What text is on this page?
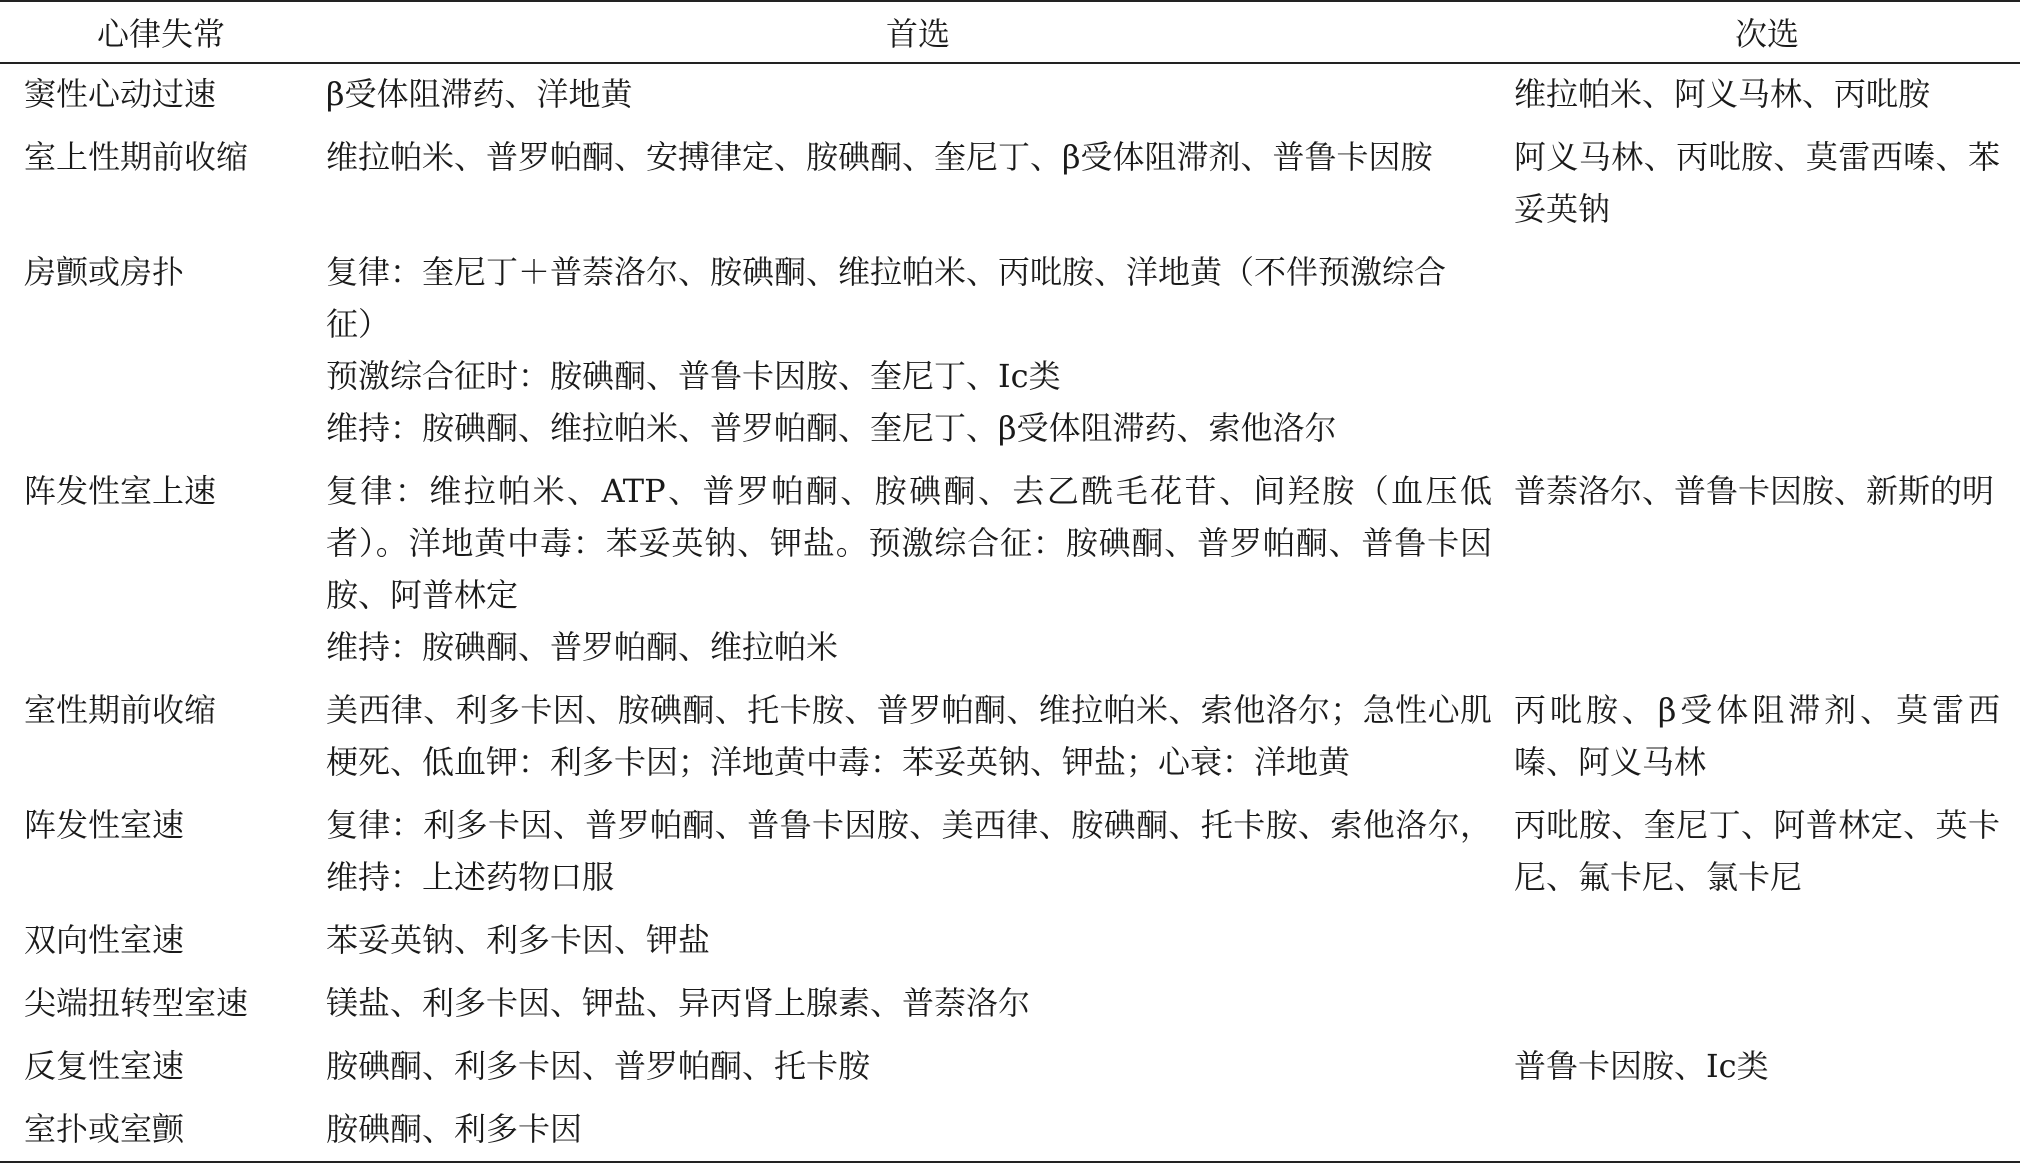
心律失常	首选	次选

窦性心动过速	β受体阻滞药、洋地黄	维拉帕米、阿义马林、丙吡胺

室上性期前收缩	维拉帕米、普罗帕酮、安搏律定、胺碘酮、奎尼丁、β受体阻滞剂、普鲁卡因胺	阿义马林、丙吡胺、莫雷西嗪、苯妥英钠

房颤或房扑	复律：奎尼丁＋普萘洛尔、胺碘酮、维拉帕米、丙吡胺、洋地黄（不伴预激综合征）
预激综合征时：胺碘酮、普鲁卡因胺、奎尼丁、Ic类
维持：胺碘酮、维拉帕米、普罗帕酮、奎尼丁、β受体阻滞药、索他洛尔	

阵发性室上速	复律：维拉帕米、ATP、普罗帕酮、胺碘酮、去乙酰毛花苷、间羟胺（血压低者）。洋地黄中毒：苯妥英钠、钾盐。预激综合征：胺碘酮、普罗帕酮、普鲁卡因胺、阿普林定
维持：胺碘酮、普罗帕酮、维拉帕米	普萘洛尔、普鲁卡因胺、新斯的明

室性期前收缩	美西律、利多卡因、胺碘酮、托卡胺、普罗帕酮、维拉帕米、索他洛尔；急性心肌梗死、低血钾：利多卡因；洋地黄中毒：苯妥英钠、钾盐；心衰：洋地黄	丙吡胺、β受体阻滞剂、莫雷西嗪、阿义马林

阵发性室速	复律：利多卡因、普罗帕酮、普鲁卡因胺、美西律、胺碘酮、托卡胺、索他洛尔，维持：上述药物口服	丙吡胺、奎尼丁、阿普林定、英卡尼、氟卡尼、氯卡尼

双向性室速	苯妥英钠、利多卡因、钾盐	

尖端扭转型室速	镁盐、利多卡因、钾盐、异丙肾上腺素、普萘洛尔	

反复性室速	胺碘酮、利多卡因、普罗帕酮、托卡胺	普鲁卡因胺、Ⅰc类

室扑或室颤	胺碘酮、利多卡因	
